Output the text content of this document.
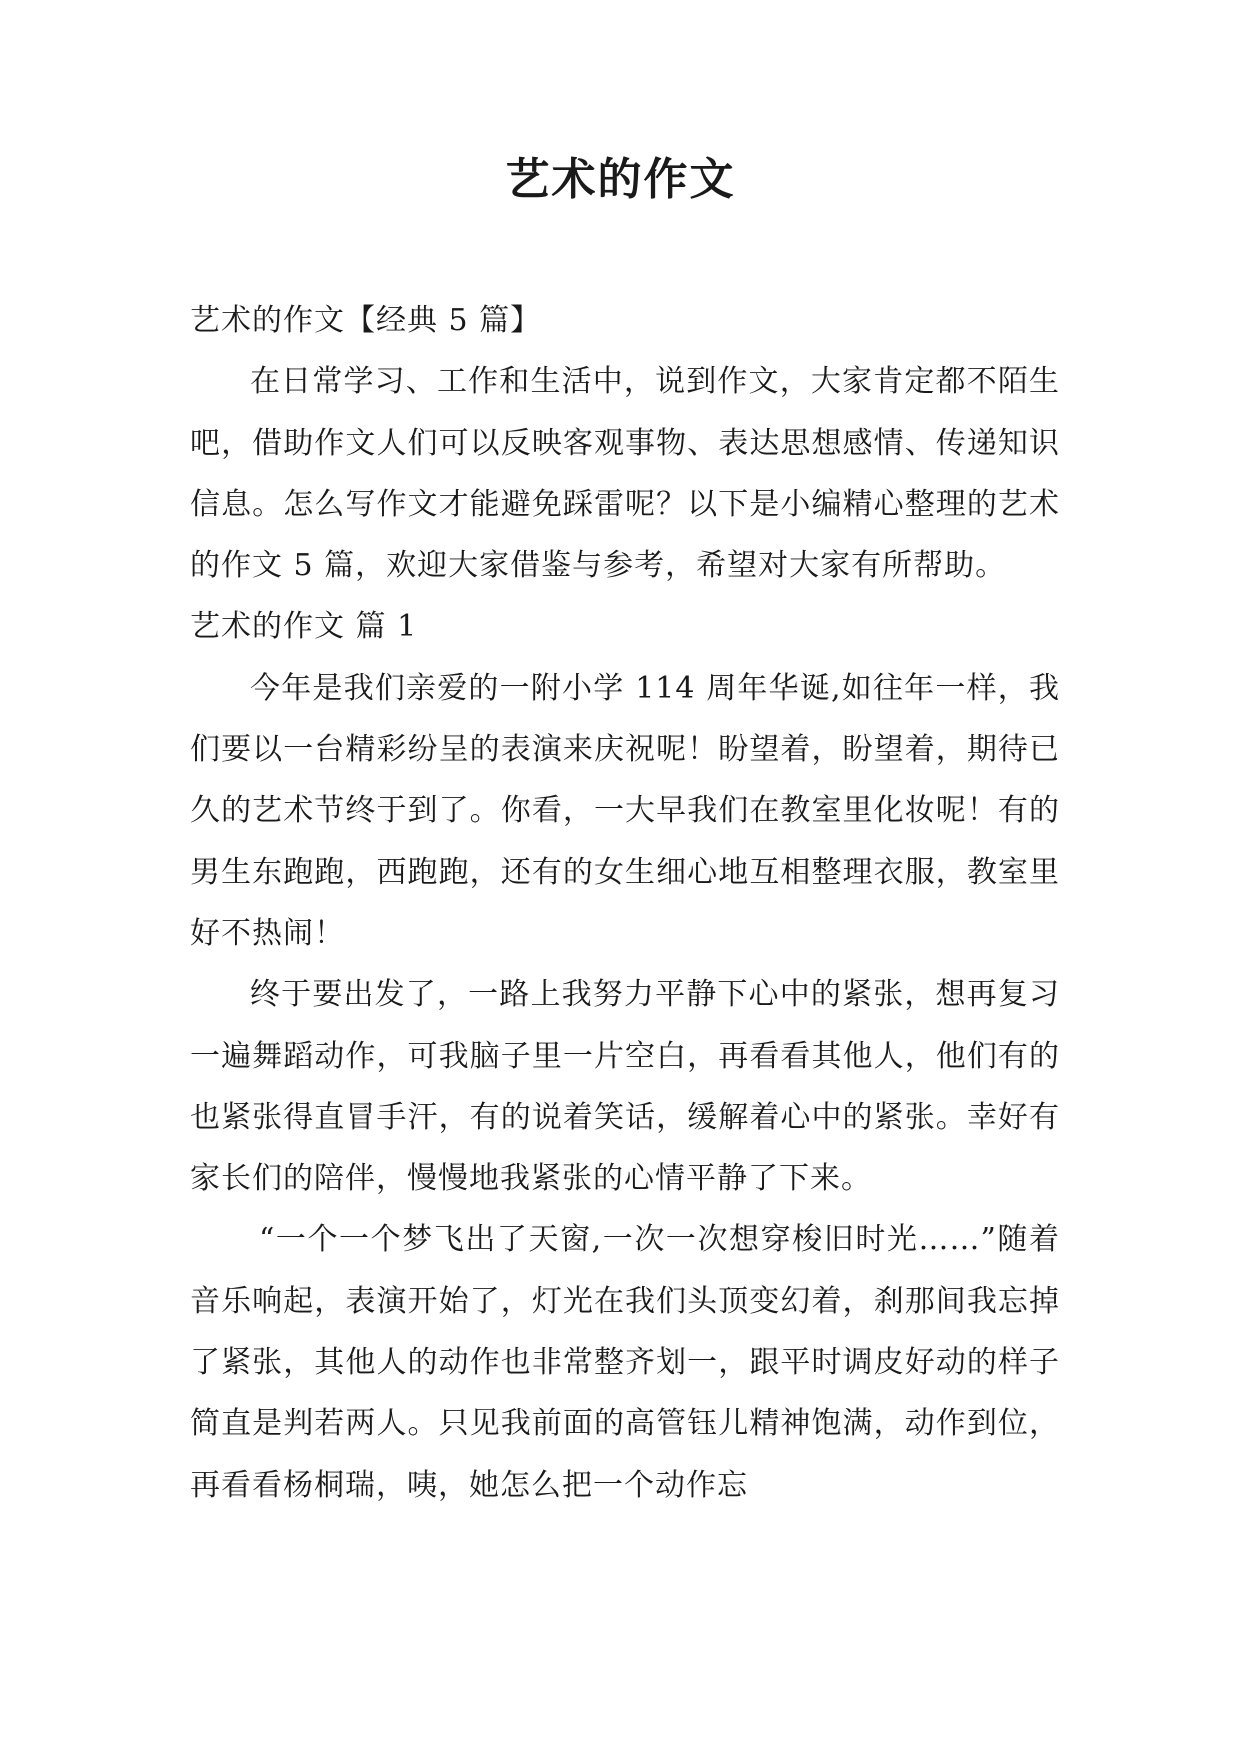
艺术的作文

艺术的作文【经典 5 篇】

在日常学习、工作和生活中，说到作文，大家肯定都不陌生吧，借助作文人们可以反映客观事物、表达思想感情、传递知识信息。怎么写作文才能避免踩雷呢？以下是小编精心整理的艺术的作文 5 篇，欢迎大家借鉴与参考，希望对大家有所帮助。

艺术的作文 篇 1

今年是我们亲爱的一附小学 114 周年华诞,如往年一样，我们要以一台精彩纷呈的表演来庆祝呢！盼望着，盼望着，期待已久的艺术节终于到了。你看，一大早我们在教室里化妆呢！有的男生东跑跑，西跑跑，还有的女生细心地互相整理衣服，教室里好不热闹！

终于要出发了，一路上我努力平静下心中的紧张，想再复习一遍舞蹈动作，可我脑子里一片空白，再看看其他人，他们有的也紧张得直冒手汗，有的说着笑话，缓解着心中的紧张。幸好有家长们的陪伴，慢慢地我紧张的心情平静了下来。

“一个一个梦飞出了天窗,一次一次想穿梭旧时光……”随着音乐响起，表演开始了，灯光在我们头顶变幻着，刹那间我忘掉了紧张，其他人的动作也非常整齐划一，跟平时调皮好动的样子简直是判若两人。只见我前面的高管钰儿精神饱满，动作到位，再看看杨桐瑞，咦，她怎么把一个动作忘
